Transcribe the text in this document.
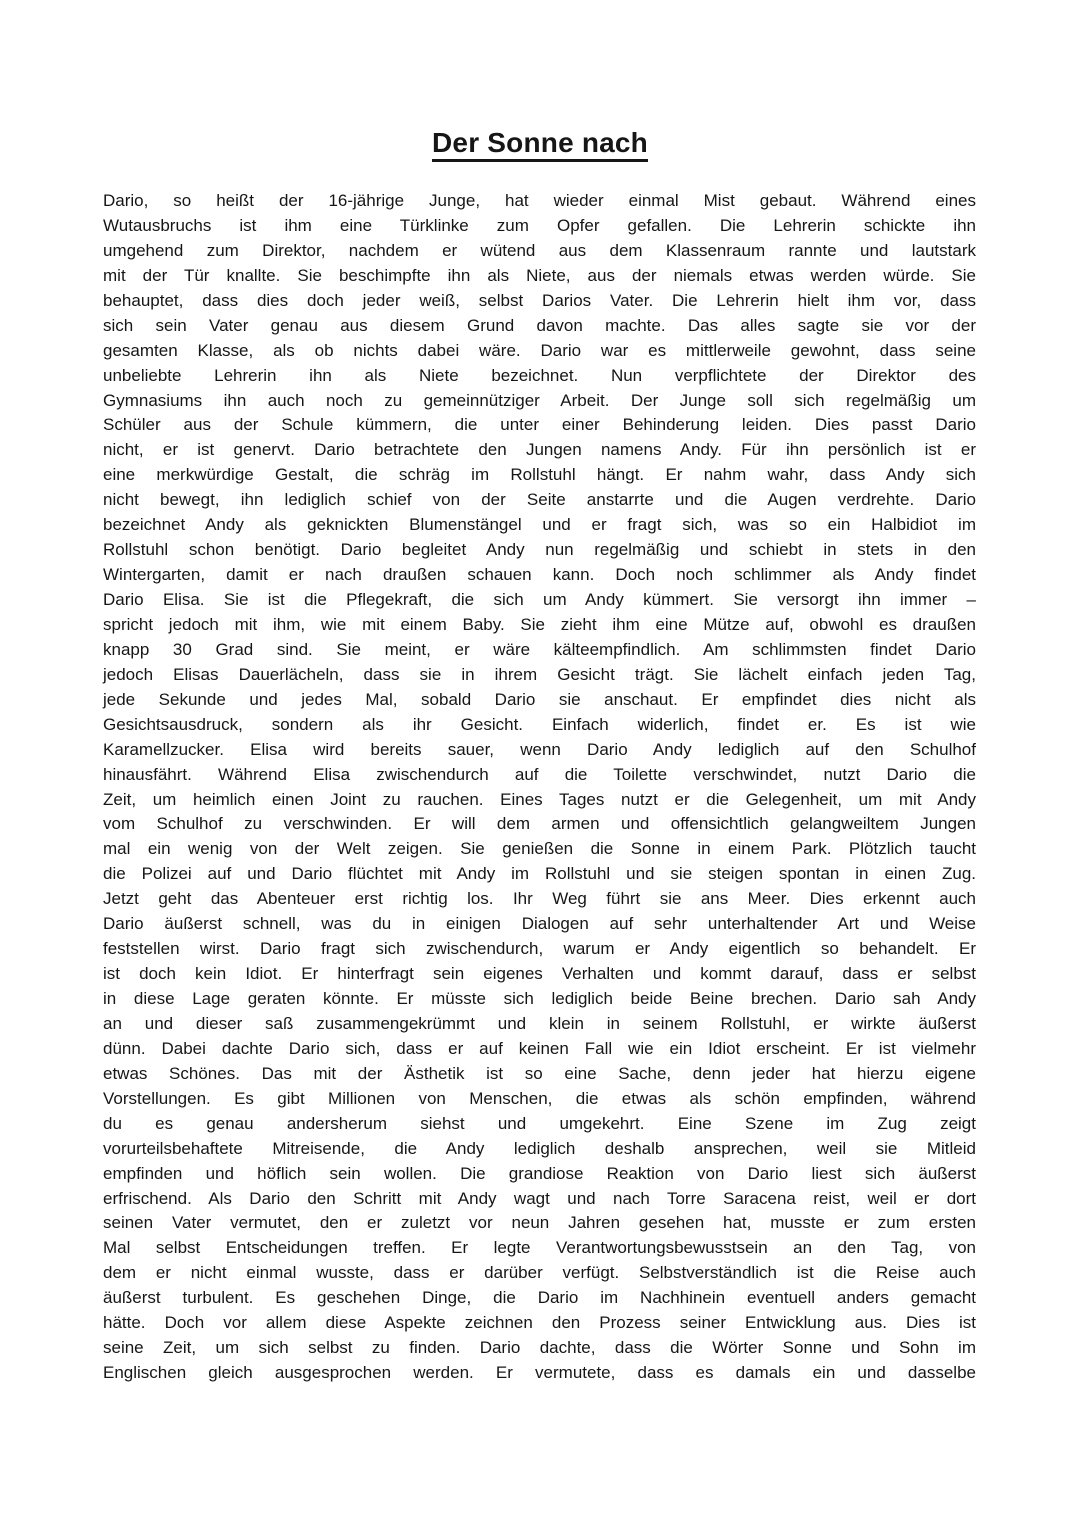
Der Sonne nach
Dario, so heißt der 16-jährige Junge, hat wieder einmal Mist gebaut. Während eines
Wutausbruchs ist ihm eine Türklinke zum Opfer gefallen. Die Lehrerin schickte ihn
umgehend zum Direktor, nachdem er wütend aus dem Klassenraum rannte und lautstark
mit der Tür knallte. Sie beschimpfte ihn als Niete, aus der niemals etwas werden würde. Sie
behauptet, dass dies doch jeder weiß, selbst Darios Vater. Die Lehrerin hielt ihm vor, dass
sich sein Vater genau aus diesem Grund davon machte. Das alles sagte sie vor der
gesamten Klasse, als ob nichts dabei wäre. Dario war es mittlerweile gewohnt, dass seine
unbeliebte Lehrerin ihn als Niete bezeichnet. Nun verpflichtete der Direktor des
Gymnasiums ihn auch noch zu gemeinnütziger Arbeit. Der Junge soll sich regelmäßig um
Schüler aus der Schule kümmern, die unter einer Behinderung leiden. Dies passt Dario
nicht, er ist genervt. Dario betrachtete den Jungen namens Andy. Für ihn persönlich ist er
eine merkwürdige Gestalt, die schräg im Rollstuhl hängt. Er nahm wahr, dass Andy sich
nicht bewegt, ihn lediglich schief von der Seite anstarrte und die Augen verdrehte. Dario
bezeichnet Andy als geknickten Blumenstängel und er fragt sich, was so ein Halbidiot im
Rollstuhl schon benötigt. Dario begleitet Andy nun regelmäßig und schiebt in stets in den
Wintergarten, damit er nach draußen schauen kann. Doch noch schlimmer als Andy findet
Dario Elisa. Sie ist die Pflegekraft, die sich um Andy kümmert. Sie versorgt ihn immer –
spricht jedoch mit ihm, wie mit einem Baby. Sie zieht ihm eine Mütze auf, obwohl es draußen
knapp 30 Grad sind. Sie meint, er wäre kälteempfindlich. Am schlimmsten findet Dario
jedoch Elisas Dauerlächeln, dass sie in ihrem Gesicht trägt. Sie lächelt einfach jeden Tag,
jede Sekunde und jedes Mal, sobald Dario sie anschaut. Er empfindet dies nicht als
Gesichtsausdruck, sondern als ihr Gesicht. Einfach widerlich, findet er. Es ist wie
Karamellzucker. Elisa wird bereits sauer, wenn Dario Andy lediglich auf den Schulhof
hinausfährt. Während Elisa zwischendurch auf die Toilette verschwindet, nutzt Dario die
Zeit, um heimlich einen Joint zu rauchen. Eines Tages nutzt er die Gelegenheit, um mit Andy
vom Schulhof zu verschwinden. Er will dem armen und offensichtlich gelangweiltem Jungen
mal ein wenig von der Welt zeigen. Sie genießen die Sonne in einem Park. Plötzlich taucht
die Polizei auf und Dario flüchtet mit Andy im Rollstuhl und sie steigen spontan in einen Zug.
Jetzt geht das Abenteuer erst richtig los. Ihr Weg führt sie ans Meer. Dies erkennt auch
Dario äußerst schnell, was du in einigen Dialogen auf sehr unterhaltender Art und Weise
feststellen wirst. Dario fragt sich zwischendurch, warum er Andy eigentlich so behandelt. Er
ist doch kein Idiot. Er hinterfragt sein eigenes Verhalten und kommt darauf, dass er selbst
in diese Lage geraten könnte. Er müsste sich lediglich beide Beine brechen. Dario sah Andy
an und dieser saß zusammengekrümmt und klein in seinem Rollstuhl, er wirkte äußerst
dünn. Dabei dachte Dario sich, dass er auf keinen Fall wie ein Idiot erscheint. Er ist vielmehr
etwas Schönes. Das mit der Ästhetik ist so eine Sache, denn jeder hat hierzu eigene
Vorstellungen. Es gibt Millionen von Menschen, die etwas als schön empfinden, während
du es genau andersherum siehst und umgekehrt. Eine Szene im Zug zeigt
vorurteilsbehaftete Mitreisende, die Andy lediglich deshalb ansprechen, weil sie Mitleid
empfinden und höflich sein wollen. Die grandiose Reaktion von Dario liest sich äußerst
erfrischend. Als Dario den Schritt mit Andy wagt und nach Torre Saracena reist, weil er dort
seinen Vater vermutet, den er zuletzt vor neun Jahren gesehen hat, musste er zum ersten
Mal selbst Entscheidungen treffen. Er legte Verantwortungsbewusstsein an den Tag, von
dem er nicht einmal wusste, dass er darüber verfügt. Selbstverständlich ist die Reise auch
äußerst turbulent. Es geschehen Dinge, die Dario im Nachhinein eventuell anders gemacht
hätte. Doch vor allem diese Aspekte zeichnen den Prozess seiner Entwicklung aus. Dies ist
seine Zeit, um sich selbst zu finden. Dario dachte, dass die Wörter Sonne und Sohn im
Englischen gleich ausgesprochen werden. Er vermutete, dass es damals ein und dasselbe
